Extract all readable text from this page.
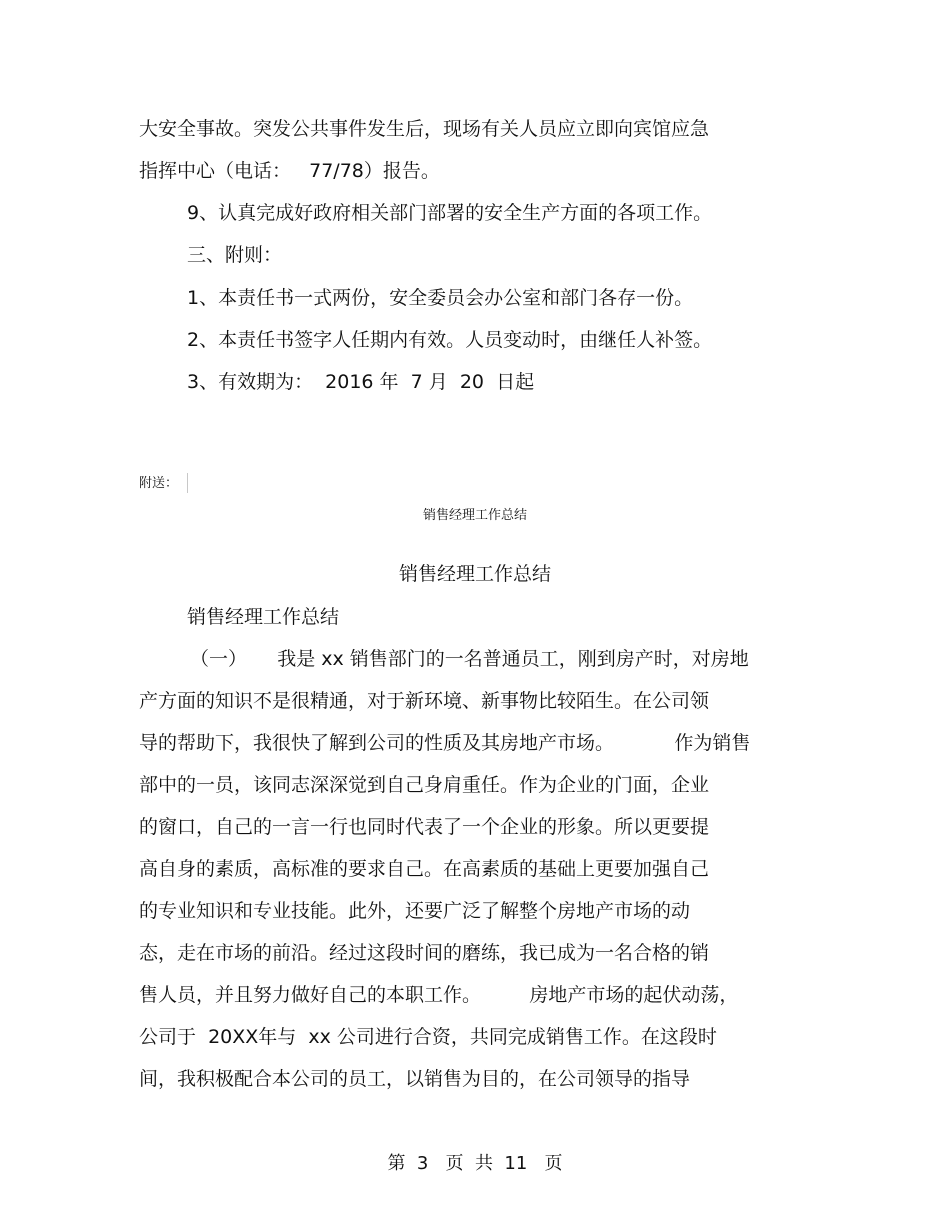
大安全事故。突发公共事件发生后，现场有关人员应立即向宾馆应急
指挥中心（电话：   77/78）报告。
9、认真完成好政府相关部门部署的安全生产方面的各项工作。
三、附则：
1、本责任书一式两份，安全委员会办公室和部门各存一份。
2、本责任书签字人任期内有效。人员变动时，由继任人补签。
3、有效期为：  2016 年  7 月  20  日起
附送：
销售经理工作总结
销售经理工作总结
销售经理工作总结
（一）     我是 xx 销售部门的一名普通员工，刚到房产时，对房地
产方面的知识不是很精通，对于新环境、新事物比较陌生。在公司领
导的帮助下，我很快了解到公司的性质及其房地产市场。          作为销售
部中的一员，该同志深深觉到自己身肩重任。作为企业的门面，企业
的窗口，自己的一言一行也同时代表了一个企业的形象。所以更要提
高自身的素质，高标准的要求自己。在高素质的基础上更要加强自己
的专业知识和专业技能。此外，还要广泛了解整个房地产市场的动
态，走在市场的前沿。经过这段时间的磨练，我已成为一名合格的销
售人员，并且努力做好自己的本职工作。        房地产市场的起伏动荡，
公司于  20XX年与  xx 公司进行合资，共同完成销售工作。在这段时
间，我积极配合本公司的员工，以销售为目的，在公司领导的指导
第  3   页  共  11   页
